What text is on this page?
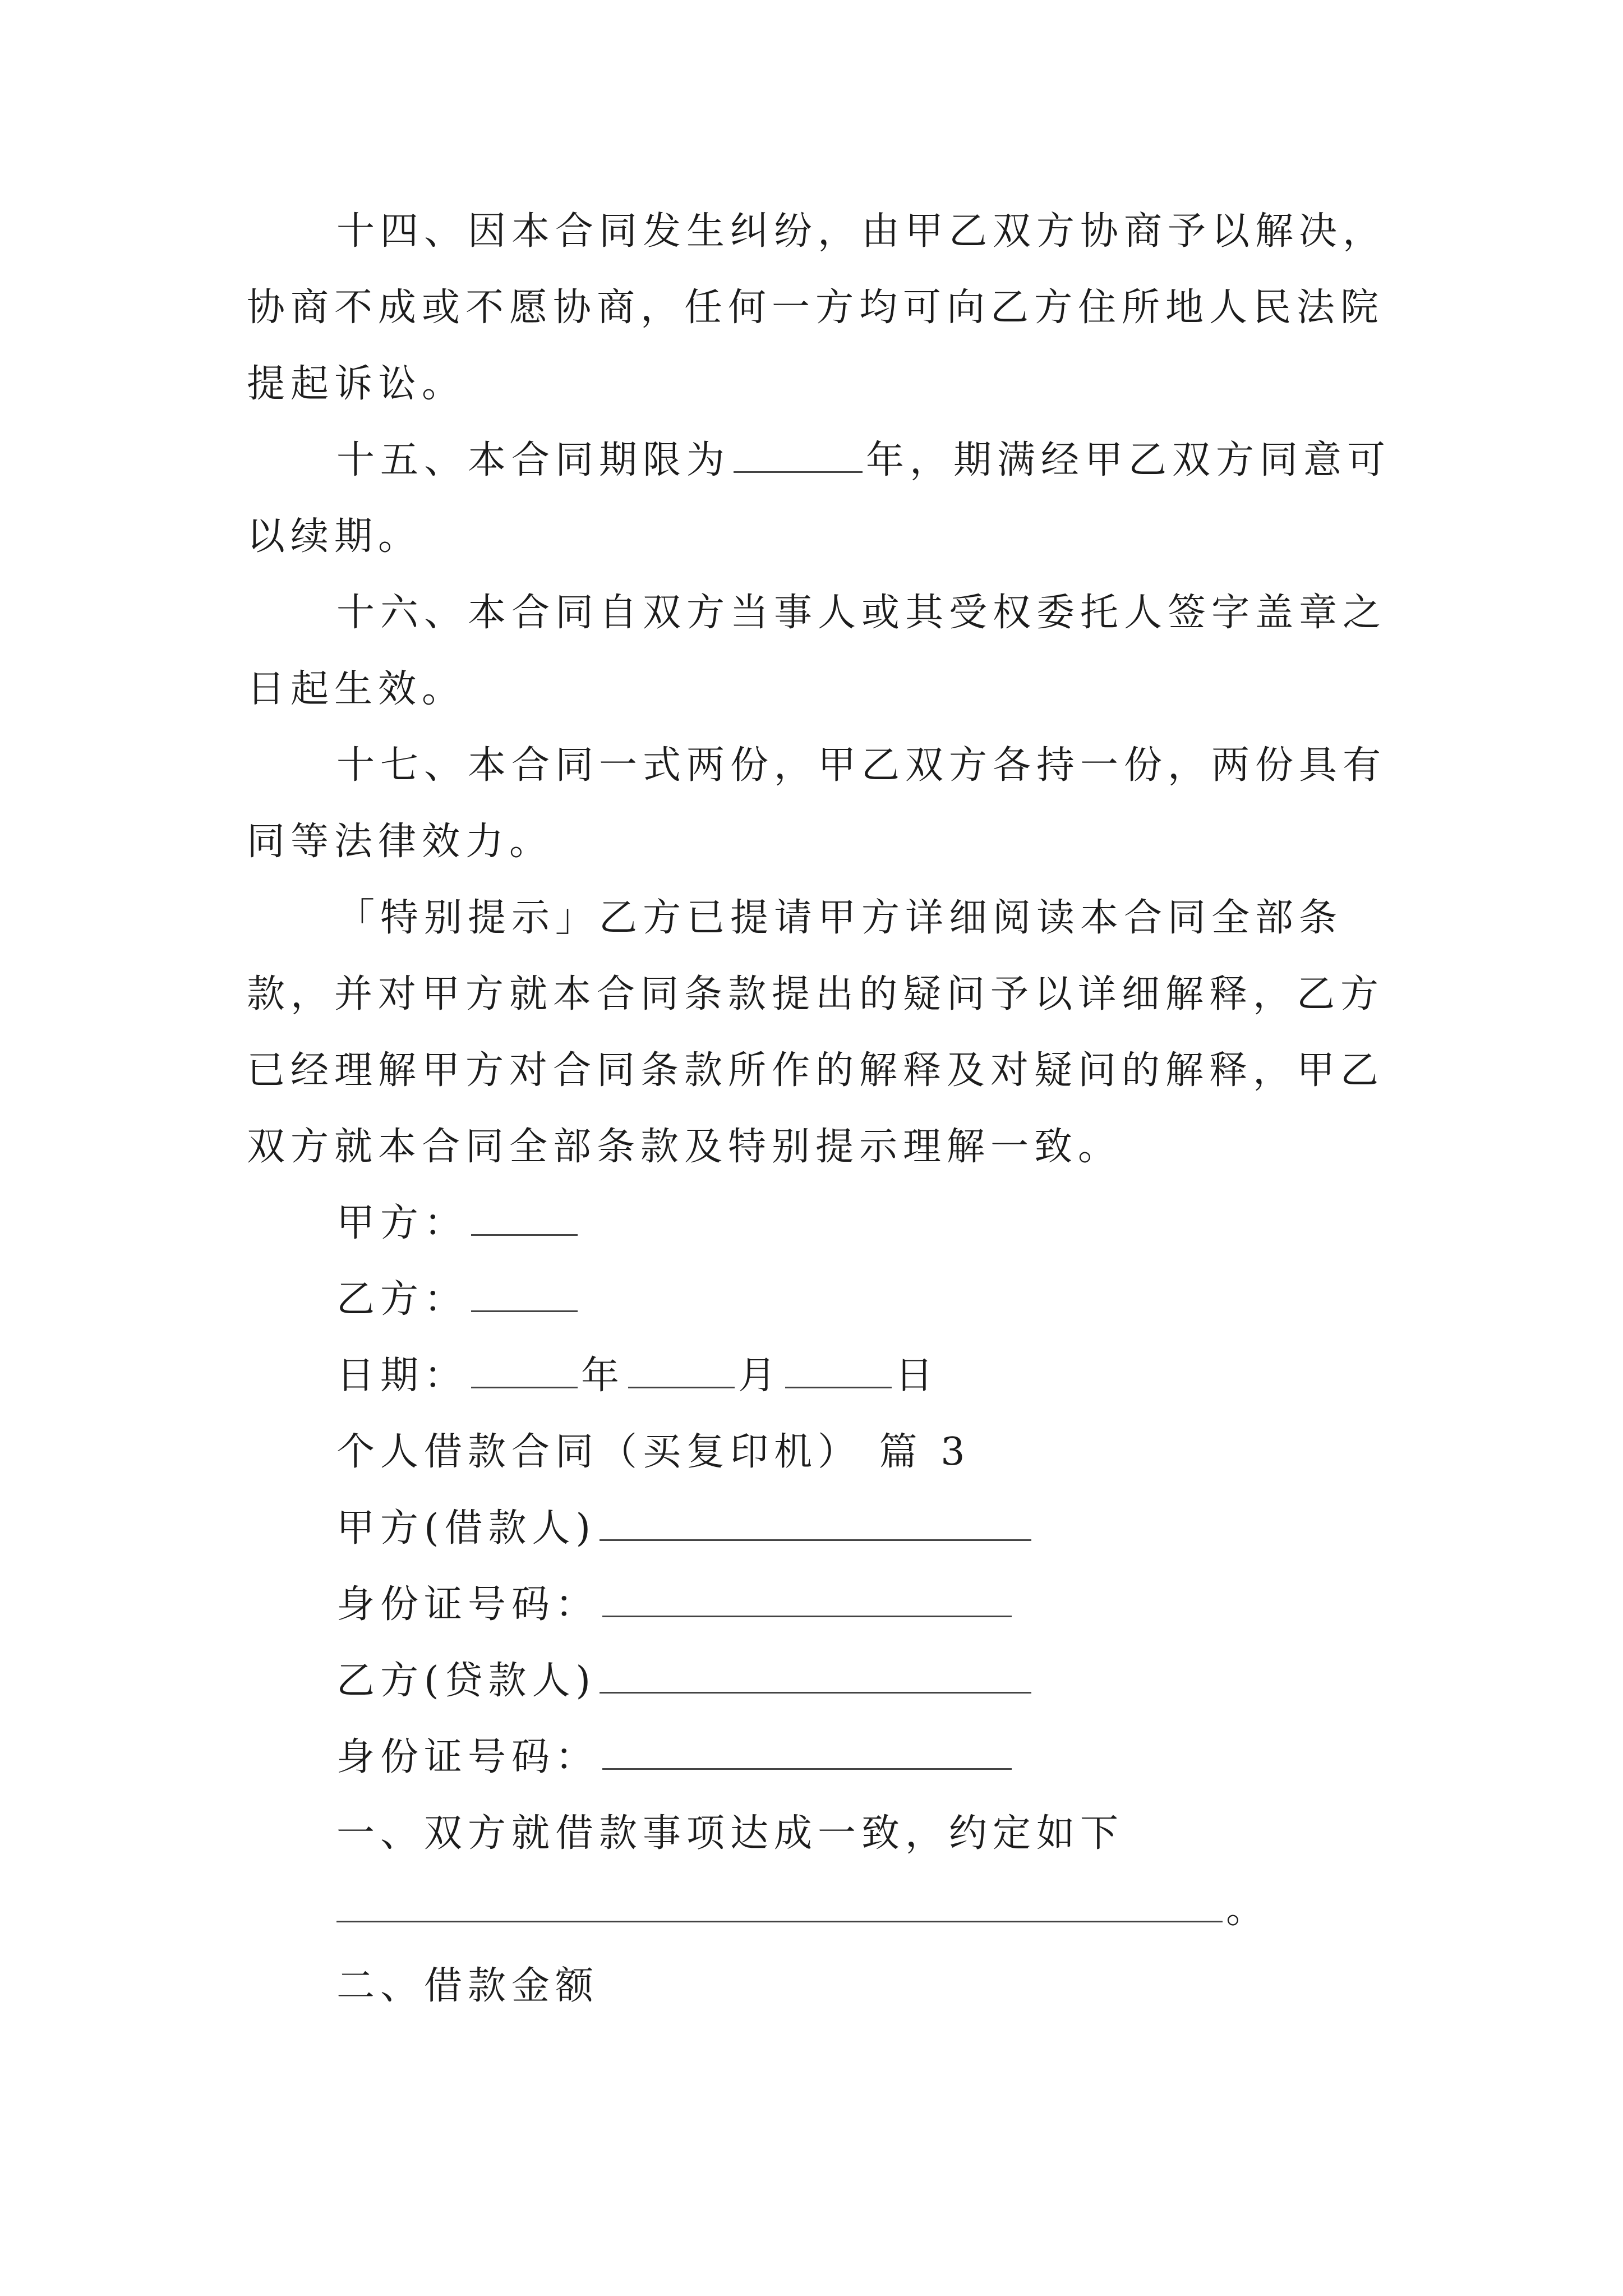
十四、因本合同发生纠纷，由甲乙双方协商予以解决，协商不成或不愿协商，任何一方均可向乙方住所地人民法院提起诉讼。

十五、本合同期限为	年，期满经甲乙双方同意可以续期。

十六、本合同自双方当事人或其受权委托人签字盖章之日起生效。

十七、本合同一式两份，甲乙双方各持一份，两份具有同等法律效力。

「特别提示」乙方已提请甲方详细阅读本合同全部条款，并对甲方就本合同条款提出的疑问予以详细解释，乙方已经理解甲方对合同条款所作的解释及对疑问的解释，甲乙双方就本合同全部条款及特别提示理解一致。

甲方：

乙方：

日期：	年	月	日

个人借款合同（买复印机） 篇 3

甲方(借款人)

身份证号码：

乙方(贷款人)

身份证号码：

一、双方就借款事项达成一致，约定如下

。

二、借款金额
